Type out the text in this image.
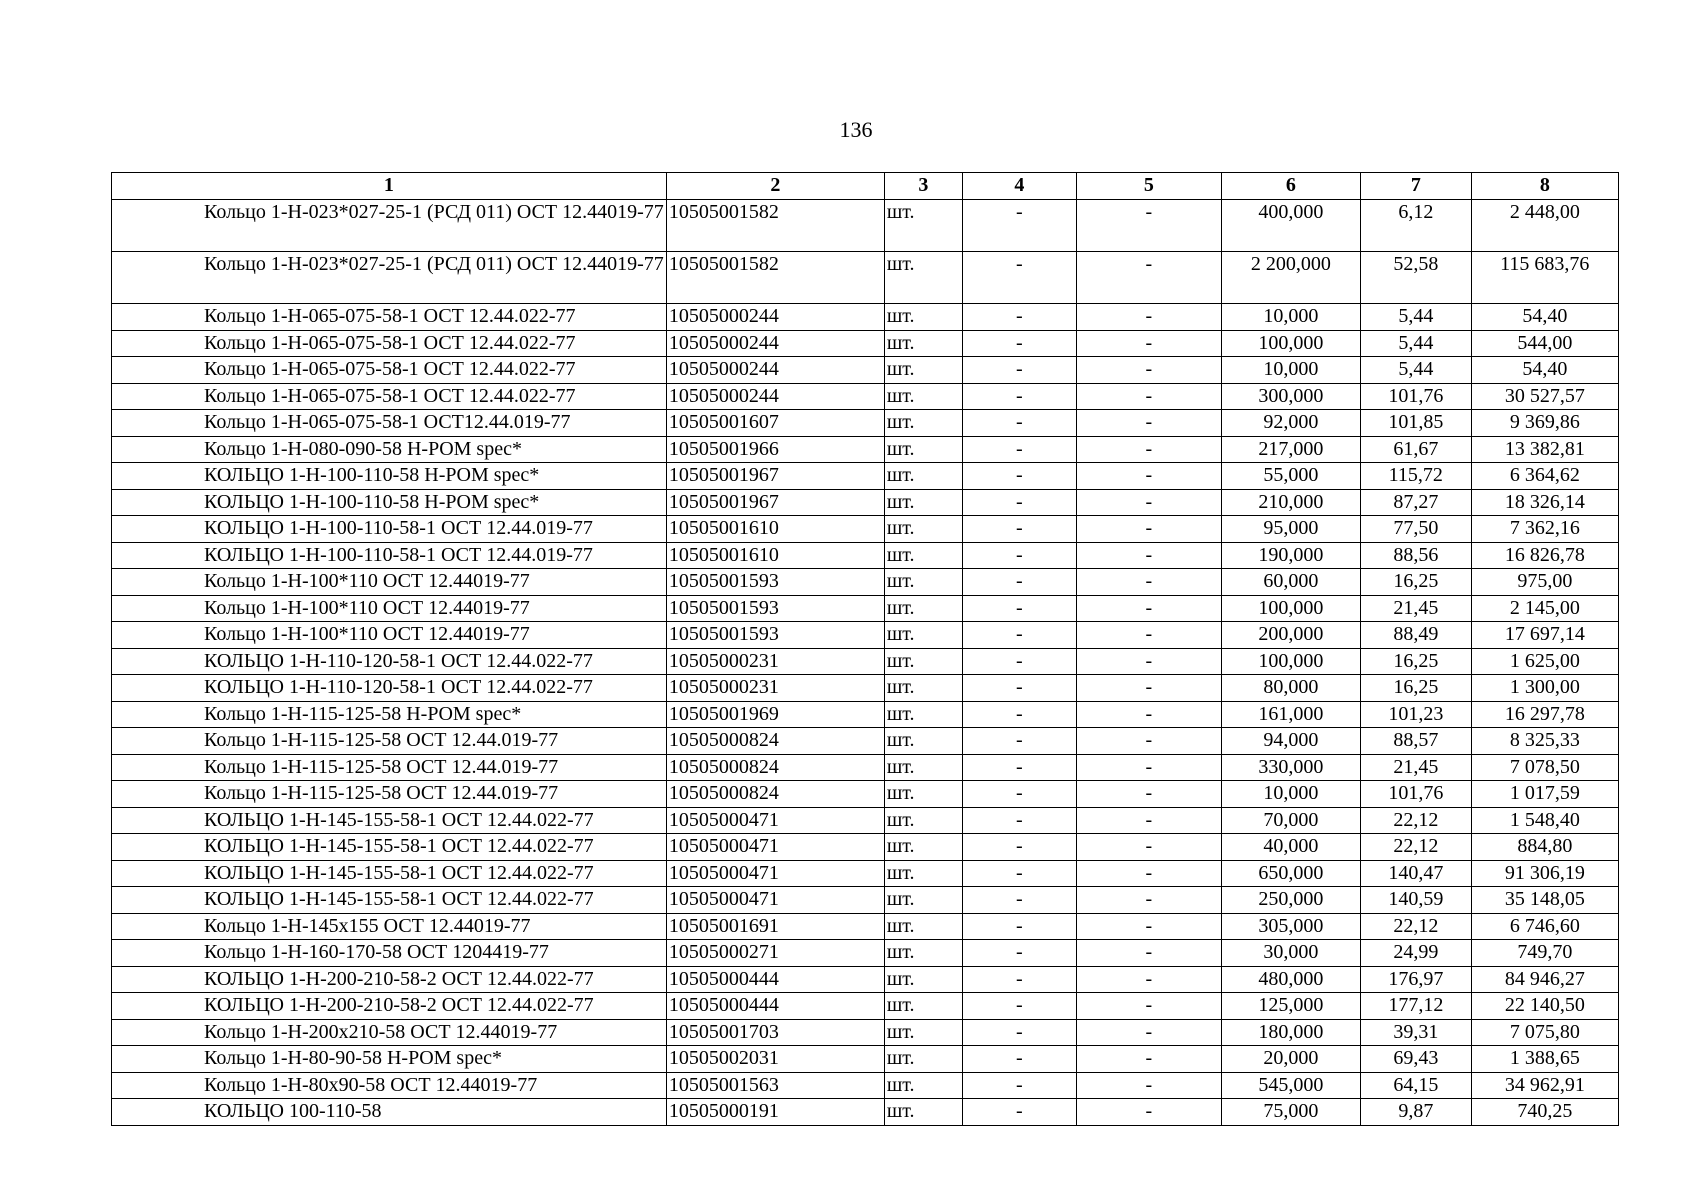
136
1	2	3	4	5	6	7	8
Кольцо 1-Н-023*027-25-1 (РСД 011) ОСТ 12.44019-77	10505001582	шт.	-	-	400,000	6,12	2 448,00
Кольцо 1-Н-023*027-25-1 (РСД 011) ОСТ 12.44019-77	10505001582	шт.	-	-	2 200,000	52,58	115 683,76
Кольцо 1-Н-065-075-58-1 ОСТ 12.44.022-77	10505000244	шт.	-	-	10,000	5,44	54,40
Кольцо 1-Н-065-075-58-1 ОСТ 12.44.022-77	10505000244	шт.	-	-	100,000	5,44	544,00
Кольцо 1-Н-065-075-58-1 ОСТ 12.44.022-77	10505000244	шт.	-	-	10,000	5,44	54,40
Кольцо 1-Н-065-075-58-1 ОСТ 12.44.022-77	10505000244	шт.	-	-	300,000	101,76	30 527,57
Кольцо 1-Н-065-075-58-1 ОСТ12.44.019-77	10505001607	шт.	-	-	92,000	101,85	9 369,86
Кольцо 1-Н-080-090-58 Н-POM spec*	10505001966	шт.	-	-	217,000	61,67	13 382,81
КОЛЬЦО 1-Н-100-110-58 Н-POM spec*	10505001967	шт.	-	-	55,000	115,72	6 364,62
КОЛЬЦО 1-Н-100-110-58 Н-POM spec*	10505001967	шт.	-	-	210,000	87,27	18 326,14
КОЛЬЦО 1-Н-100-110-58-1 ОСТ 12.44.019-77	10505001610	шт.	-	-	95,000	77,50	7 362,16
КОЛЬЦО 1-Н-100-110-58-1 ОСТ 12.44.019-77	10505001610	шт.	-	-	190,000	88,56	16 826,78
Кольцо 1-Н-100*110 ОСТ 12.44019-77	10505001593	шт.	-	-	60,000	16,25	975,00
Кольцо 1-Н-100*110 ОСТ 12.44019-77	10505001593	шт.	-	-	100,000	21,45	2 145,00
Кольцо 1-Н-100*110 ОСТ 12.44019-77	10505001593	шт.	-	-	200,000	88,49	17 697,14
КОЛЬЦО 1-Н-110-120-58-1 ОСТ 12.44.022-77	10505000231	шт.	-	-	100,000	16,25	1 625,00
КОЛЬЦО 1-Н-110-120-58-1 ОСТ 12.44.022-77	10505000231	шт.	-	-	80,000	16,25	1 300,00
Кольцо 1-Н-115-125-58 Н-POM spec*	10505001969	шт.	-	-	161,000	101,23	16 297,78
Кольцо 1-Н-115-125-58 ОСТ 12.44.019-77	10505000824	шт.	-	-	94,000	88,57	8 325,33
Кольцо 1-Н-115-125-58 ОСТ 12.44.019-77	10505000824	шт.	-	-	330,000	21,45	7 078,50
Кольцо 1-Н-115-125-58 ОСТ 12.44.019-77	10505000824	шт.	-	-	10,000	101,76	1 017,59
КОЛЬЦО 1-Н-145-155-58-1 ОСТ 12.44.022-77	10505000471	шт.	-	-	70,000	22,12	1 548,40
КОЛЬЦО 1-Н-145-155-58-1 ОСТ 12.44.022-77	10505000471	шт.	-	-	40,000	22,12	884,80
КОЛЬЦО 1-Н-145-155-58-1 ОСТ 12.44.022-77	10505000471	шт.	-	-	650,000	140,47	91 306,19
КОЛЬЦО 1-Н-145-155-58-1 ОСТ 12.44.022-77	10505000471	шт.	-	-	250,000	140,59	35 148,05
Кольцо 1-Н-145х155 ОСТ 12.44019-77	10505001691	шт.	-	-	305,000	22,12	6 746,60
Кольцо 1-Н-160-170-58 ОСТ 1204419-77	10505000271	шт.	-	-	30,000	24,99	749,70
КОЛЬЦО 1-Н-200-210-58-2 ОСТ 12.44.022-77	10505000444	шт.	-	-	480,000	176,97	84 946,27
КОЛЬЦО 1-Н-200-210-58-2 ОСТ 12.44.022-77	10505000444	шт.	-	-	125,000	177,12	22 140,50
Кольцо 1-Н-200х210-58 ОСТ 12.44019-77	10505001703	шт.	-	-	180,000	39,31	7 075,80
Кольцо 1-Н-80-90-58 Н-POM spec*	10505002031	шт.	-	-	20,000	69,43	1 388,65
Кольцо 1-Н-80х90-58 ОСТ 12.44019-77	10505001563	шт.	-	-	545,000	64,15	34 962,91
КОЛЬЦО 100-110-58	10505000191	шт.	-	-	75,000	9,87	740,25
